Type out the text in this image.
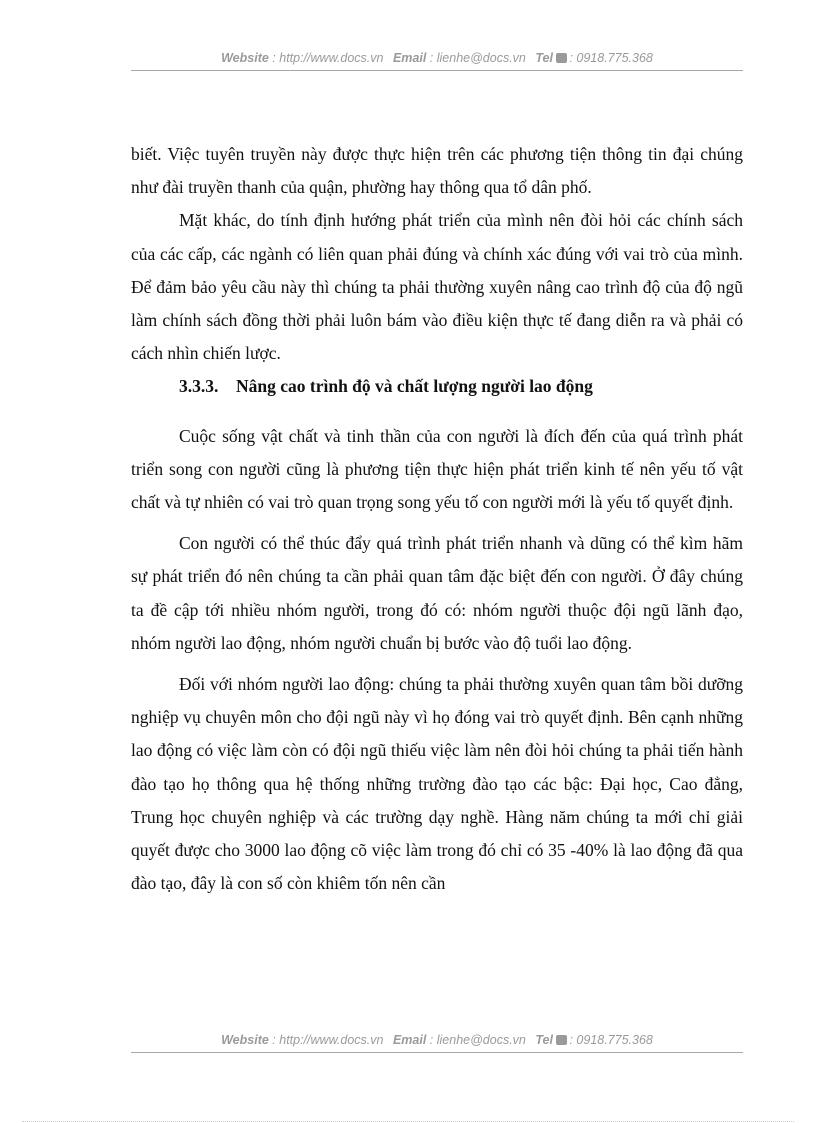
Website : http://www.docs.vn Email : lienhe@docs.vn Tel : 0918.775.368

biết. Việc tuyên truyền này được thực hiện trên các phương tiện thông tin đại chúng như đài truyền thanh của quận, phường hay thông qua tổ dân phố.

Mặt khác, do tính định hướng phát triển của mình nên đòi hỏi các chính sách của các cấp, các ngành có liên quan phải đúng và chính xác đúng với vai trò của mình. Để đảm bảo yêu cầu này thì chúng ta phải thường xuyên nâng cao trình độ của độ ngũ làm chính sách đồng thời phải luôn bám vào điều kiện thực tế đang diễn ra và phải có cách nhìn chiến lược.

3.3.3. Nâng cao trình độ và chất lượng người lao động

Cuộc sống vật chất và tinh thần của con người là đích đến của quá trình phát triển song con người cũng là phương tiện thực hiện phát triển kinh tế nên yếu tố vật chất và tự nhiên có vai trò quan trọng song yếu tố con người mới là yếu tố quyết định.

Con người có thể thúc đẩy quá trình phát triển nhanh và dũng có thể kìm hãm sự phát triển đó nên chúng ta cần phải quan tâm đặc biệt đến con người. Ở đây chúng ta đề cập tới nhiều nhóm người, trong đó có: nhóm người thuộc đội ngũ lãnh đạo, nhóm người lao động, nhóm người chuẩn bị bước vào độ tuổi lao động.

Đối với nhóm người lao động: chúng ta phải thường xuyên quan tâm bồi dưỡng nghiệp vụ chuyên môn cho đội ngũ này vì họ đóng vai trò quyết định. Bên cạnh những lao động có việc làm còn có đội ngũ thiếu việc làm nên đòi hỏi chúng ta phải tiến hành đào tạo họ thông qua hệ thống những trường đào tạo các bậc: Đại học, Cao đẳng, Trung học chuyên nghiệp và các trường dạy nghề. Hàng năm chúng ta mới chỉ giải quyết được cho 3000 lao động cõ việc làm trong đó chỉ có 35 -40% là lao động đã qua đào tạo, đây là con số còn khiêm tốn nên cần

Website : http://www.docs.vn Email : lienhe@docs.vn Tel : 0918.775.368
